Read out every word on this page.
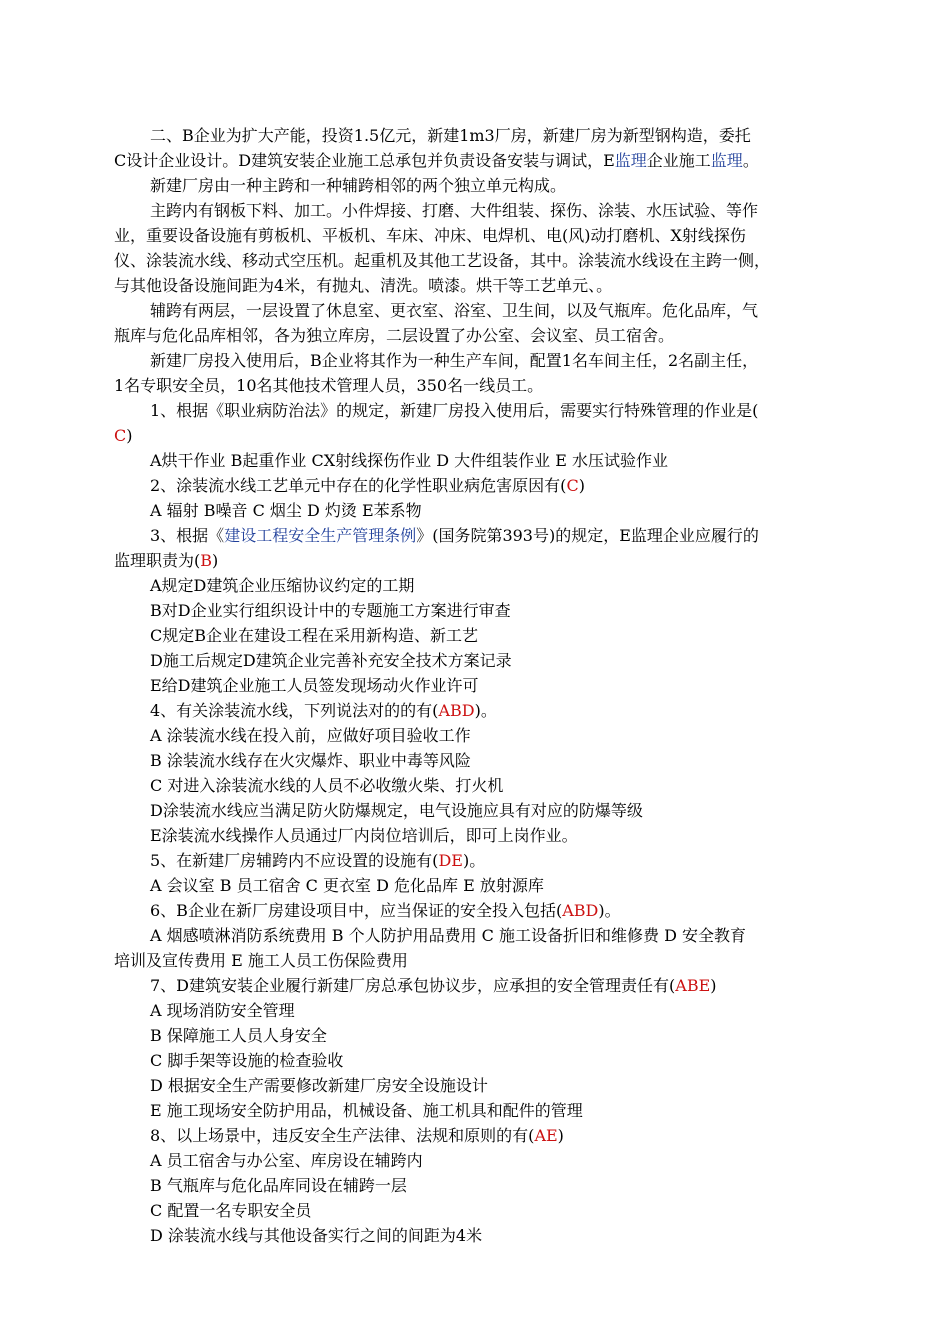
二、B企业为扩大产能，投资1.5亿元，新建1m3厂房，新建厂房为新型钢构造，委托
C设计企业设计。D建筑安装企业施工总承包并负责设备安装与调试，E监理企业施工监理。
新建厂房由一种主跨和一种辅跨相邻的两个独立单元构成。
主跨内有钢板下料、加工。小件焊接、打磨、大件组装、探伤、涂装、水压试验、等作
业，重要设备设施有剪板机、平板机、车床、冲床、电焊机、电(风)动打磨机、X射线探伤
仪、涂装流水线、移动式空压机。起重机及其他工艺设备，其中。涂装流水线设在主跨一侧，
与其他设备设施间距为4米，有抛丸、清洗。喷漆。烘干等工艺单元、。
辅跨有两层，一层设置了休息室、更衣室、浴室、卫生间，以及气瓶库。危化品库，气
瓶库与危化品库相邻，各为独立库房，二层设置了办公室、会议室、员工宿舍。
新建厂房投入使用后，B企业将其作为一种生产车间，配置1名车间主任，2名副主任，
1名专职安全员，10名其他技术管理人员，350名一线员工。
1、根据《职业病防治法》的规定，新建厂房投入使用后，需要实行特殊管理的作业是(
C)
A烘干作业 B起重作业 CX射线探伤作业 D 大件组装作业 E 水压试验作业
2、涂装流水线工艺单元中存在的化学性职业病危害原因有(C)
A 辐射 B噪音 C 烟尘 D 灼烫 E苯系物
3、根据《建设工程安全生产管理条例》(国务院第393号)的规定，E监理企业应履行的
监理职责为(B)
A规定D建筑企业压缩协议约定的工期
B对D企业实行组织设计中的专题施工方案进行审查
C规定B企业在建设工程在采用新构造、新工艺
D施工后规定D建筑企业完善补充安全技术方案记录
E给D建筑企业施工人员签发现场动火作业许可
4、有关涂装流水线，下列说法对的的有(ABD)。
A 涂装流水线在投入前，应做好项目验收工作
B 涂装流水线存在火灾爆炸、职业中毒等风险
C 对进入涂装流水线的人员不必收缴火柴、打火机
D涂装流水线应当满足防火防爆规定，电气设施应具有对应的防爆等级
E涂装流水线操作人员通过厂内岗位培训后，即可上岗作业。
5、在新建厂房辅跨内不应设置的设施有(DE)。
A 会议室 B 员工宿舍 C 更衣室 D 危化品库 E 放射源库
6、B企业在新厂房建设项目中，应当保证的安全投入包括(ABD)。
A 烟感喷淋消防系统费用 B 个人防护用品费用 C 施工设备折旧和维修费 D 安全教育
培训及宣传费用 E 施工人员工伤保险费用
7、D建筑安装企业履行新建厂房总承包协议步，应承担的安全管理责任有(ABE)
A 现场消防安全管理
B 保障施工人员人身安全
C 脚手架等设施的检查验收
D 根据安全生产需要修改新建厂房安全设施设计
E 施工现场安全防护用品，机械设备、施工机具和配件的管理
8、以上场景中，违反安全生产法律、法规和原则的有(AE)
A 员工宿舍与办公室、库房设在辅跨内
B 气瓶库与危化品库同设在辅跨一层
C 配置一名专职安全员
D 涂装流水线与其他设备实行之间的间距为4米
